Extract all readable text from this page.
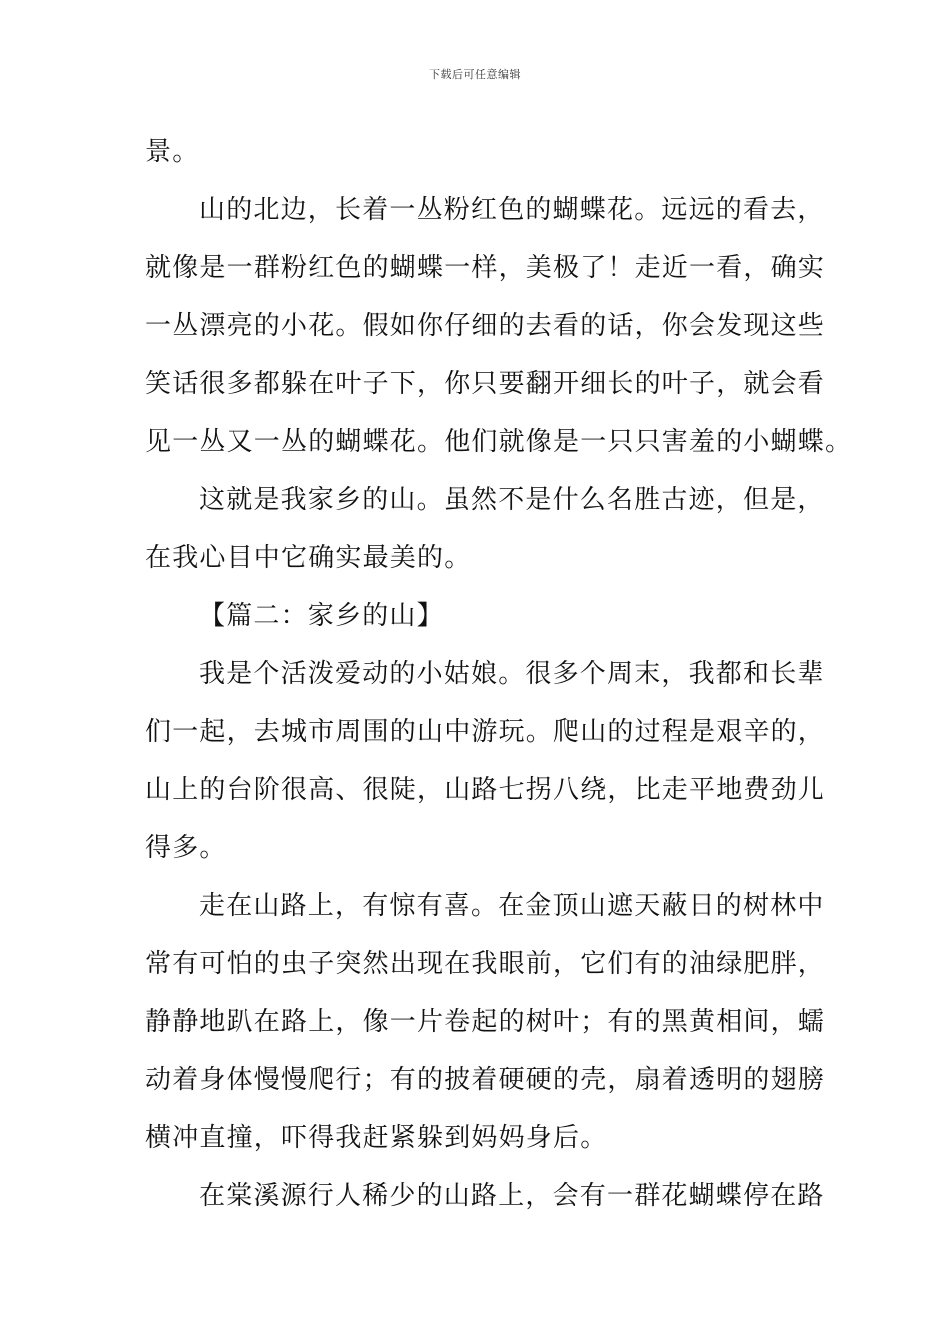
下载后可任意编辑
景。
山的北边，长着一丛粉红色的蝴蝶花。远远的看去，
就像是一群粉红色的蝴蝶一样，美极了！走近一看，确实
一丛漂亮的小花。假如你仔细的去看的话，你会发现这些
笑话很多都躲在叶子下，你只要翻开细长的叶子，就会看
见一丛又一丛的蝴蝶花。他们就像是一只只害羞的小蝴蝶。
这就是我家乡的山。虽然不是什么名胜古迹，但是，
在我心目中它确实最美的。
【篇二：家乡的山】
我是个活泼爱动的小姑娘。很多个周末，我都和长辈
们一起，去城市周围的山中游玩。爬山的过程是艰辛的，
山上的台阶很高、很陡，山路七拐八绕，比走平地费劲儿
得多。
走在山路上，有惊有喜。在金顶山遮天蔽日的树林中
常有可怕的虫子突然出现在我眼前，它们有的油绿肥胖，
静静地趴在路上，像一片卷起的树叶；有的黑黄相间，蠕
动着身体慢慢爬行；有的披着硬硬的壳，扇着透明的翅膀
横冲直撞，吓得我赶紧躲到妈妈身后。
在棠溪源行人稀少的山路上，会有一群花蝴蝶停在路
